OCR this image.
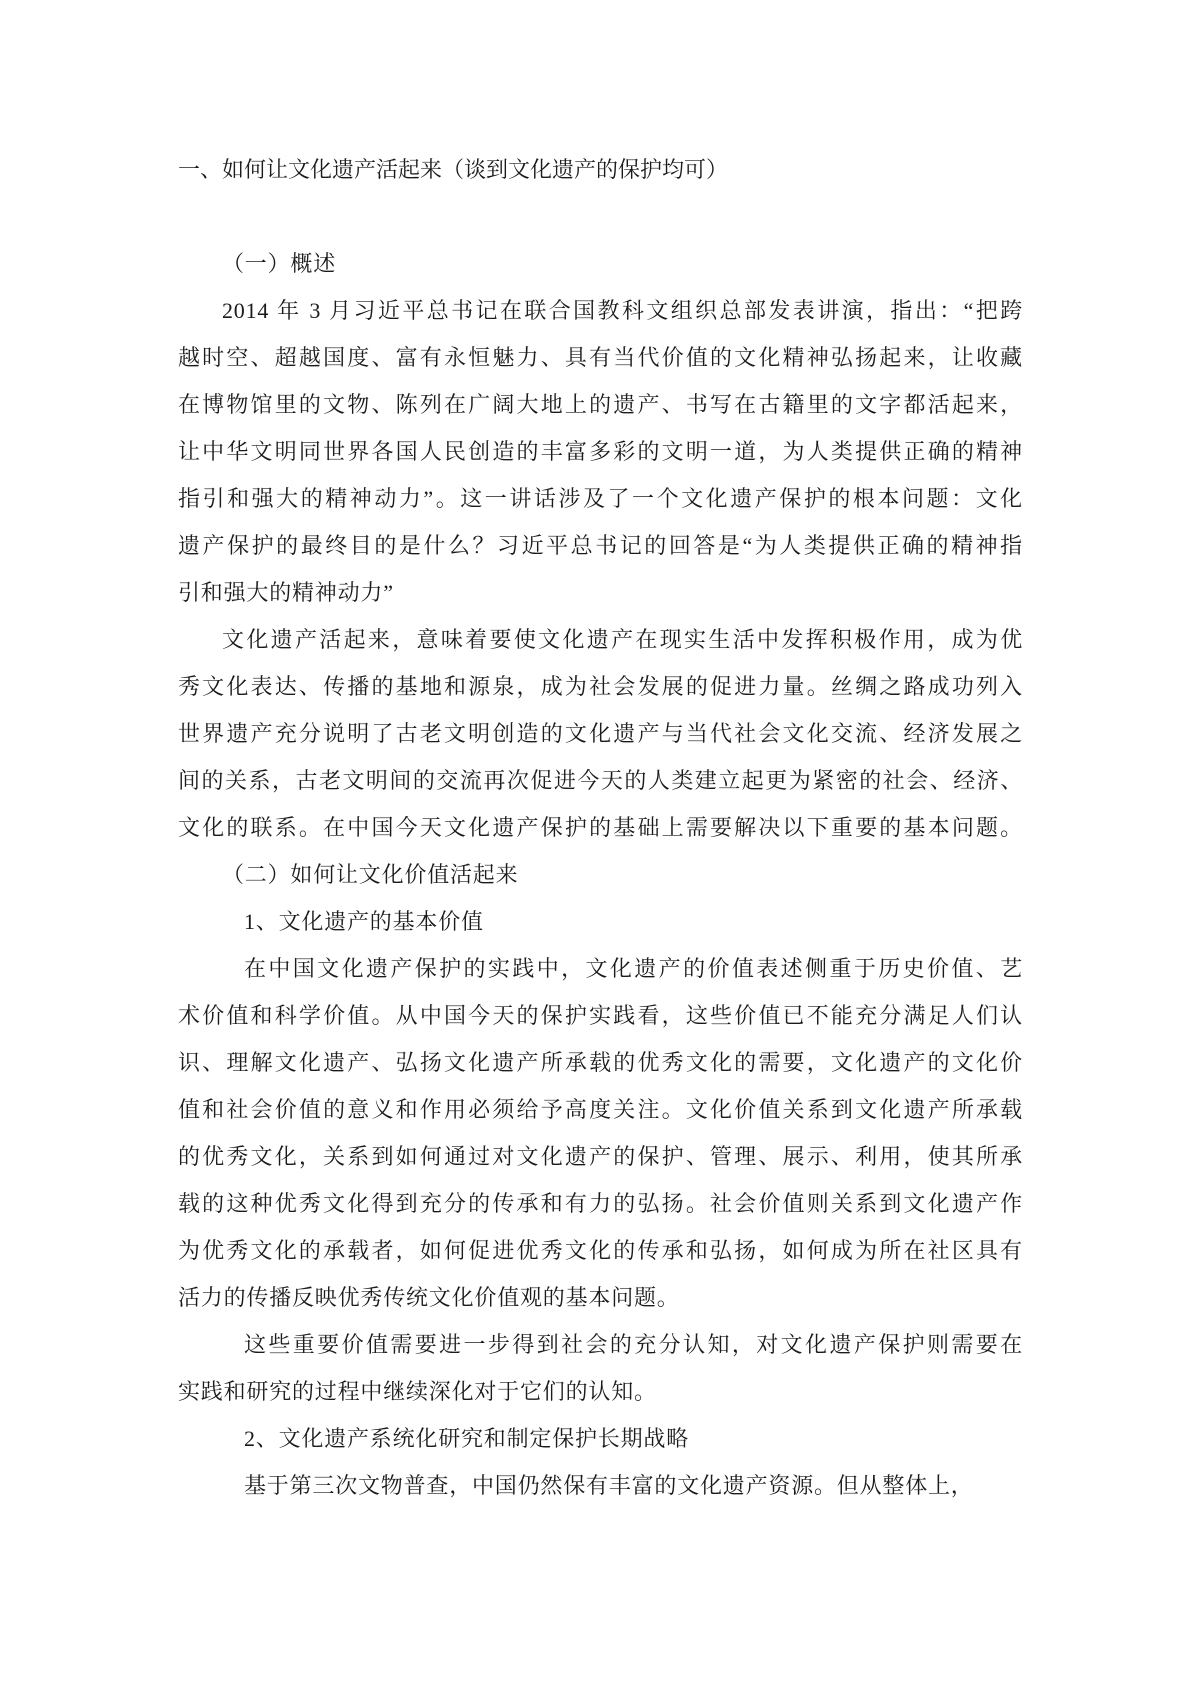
一、如何让文化遗产活起来（谈到文化遗产的保护均可）
（一）概述
2014 年 3 月习近平总书记在联合国教科文组织总部发表讲演，指出：“把跨
越时空、超越国度、富有永恒魅力、具有当代价值的文化精神弘扬起来，让收藏
在博物馆里的文物、陈列在广阔大地上的遗产、书写在古籍里的文字都活起来，
让中华文明同世界各国人民创造的丰富多彩的文明一道，为人类提供正确的精神
指引和强大的精神动力”。这一讲话涉及了一个文化遗产保护的根本问题：文化
遗产保护的最终目的是什么？习近平总书记的回答是“为人类提供正确的精神指
引和强大的精神动力”
文化遗产活起来，意味着要使文化遗产在现实生活中发挥积极作用，成为优
秀文化表达、传播的基地和源泉，成为社会发展的促进力量。丝绸之路成功列入
世界遗产充分说明了古老文明创造的文化遗产与当代社会文化交流、经济发展之
间的关系，古老文明间的交流再次促进今天的人类建立起更为紧密的社会、经济、
文化的联系。在中国今天文化遗产保护的基础上需要解决以下重要的基本问题。
（二）如何让文化价值活起来
1、文化遗产的基本价值
在中国文化遗产保护的实践中，文化遗产的价值表述侧重于历史价值、艺
术价值和科学价值。从中国今天的保护实践看，这些价值已不能充分满足人们认
识、理解文化遗产、弘扬文化遗产所承载的优秀文化的需要，文化遗产的文化价
值和社会价值的意义和作用必须给予高度关注。文化价值关系到文化遗产所承载
的优秀文化，关系到如何通过对文化遗产的保护、管理、展示、利用，使其所承
载的这种优秀文化得到充分的传承和有力的弘扬。社会价值则关系到文化遗产作
为优秀文化的承载者，如何促进优秀文化的传承和弘扬，如何成为所在社区具有
活力的传播反映优秀传统文化价值观的基本问题。
这些重要价值需要进一步得到社会的充分认知，对文化遗产保护则需要在
实践和研究的过程中继续深化对于它们的认知。
2、文化遗产系统化研究和制定保护长期战略
基于第三次文物普查，中国仍然保有丰富的文化遗产资源。但从整体上，
